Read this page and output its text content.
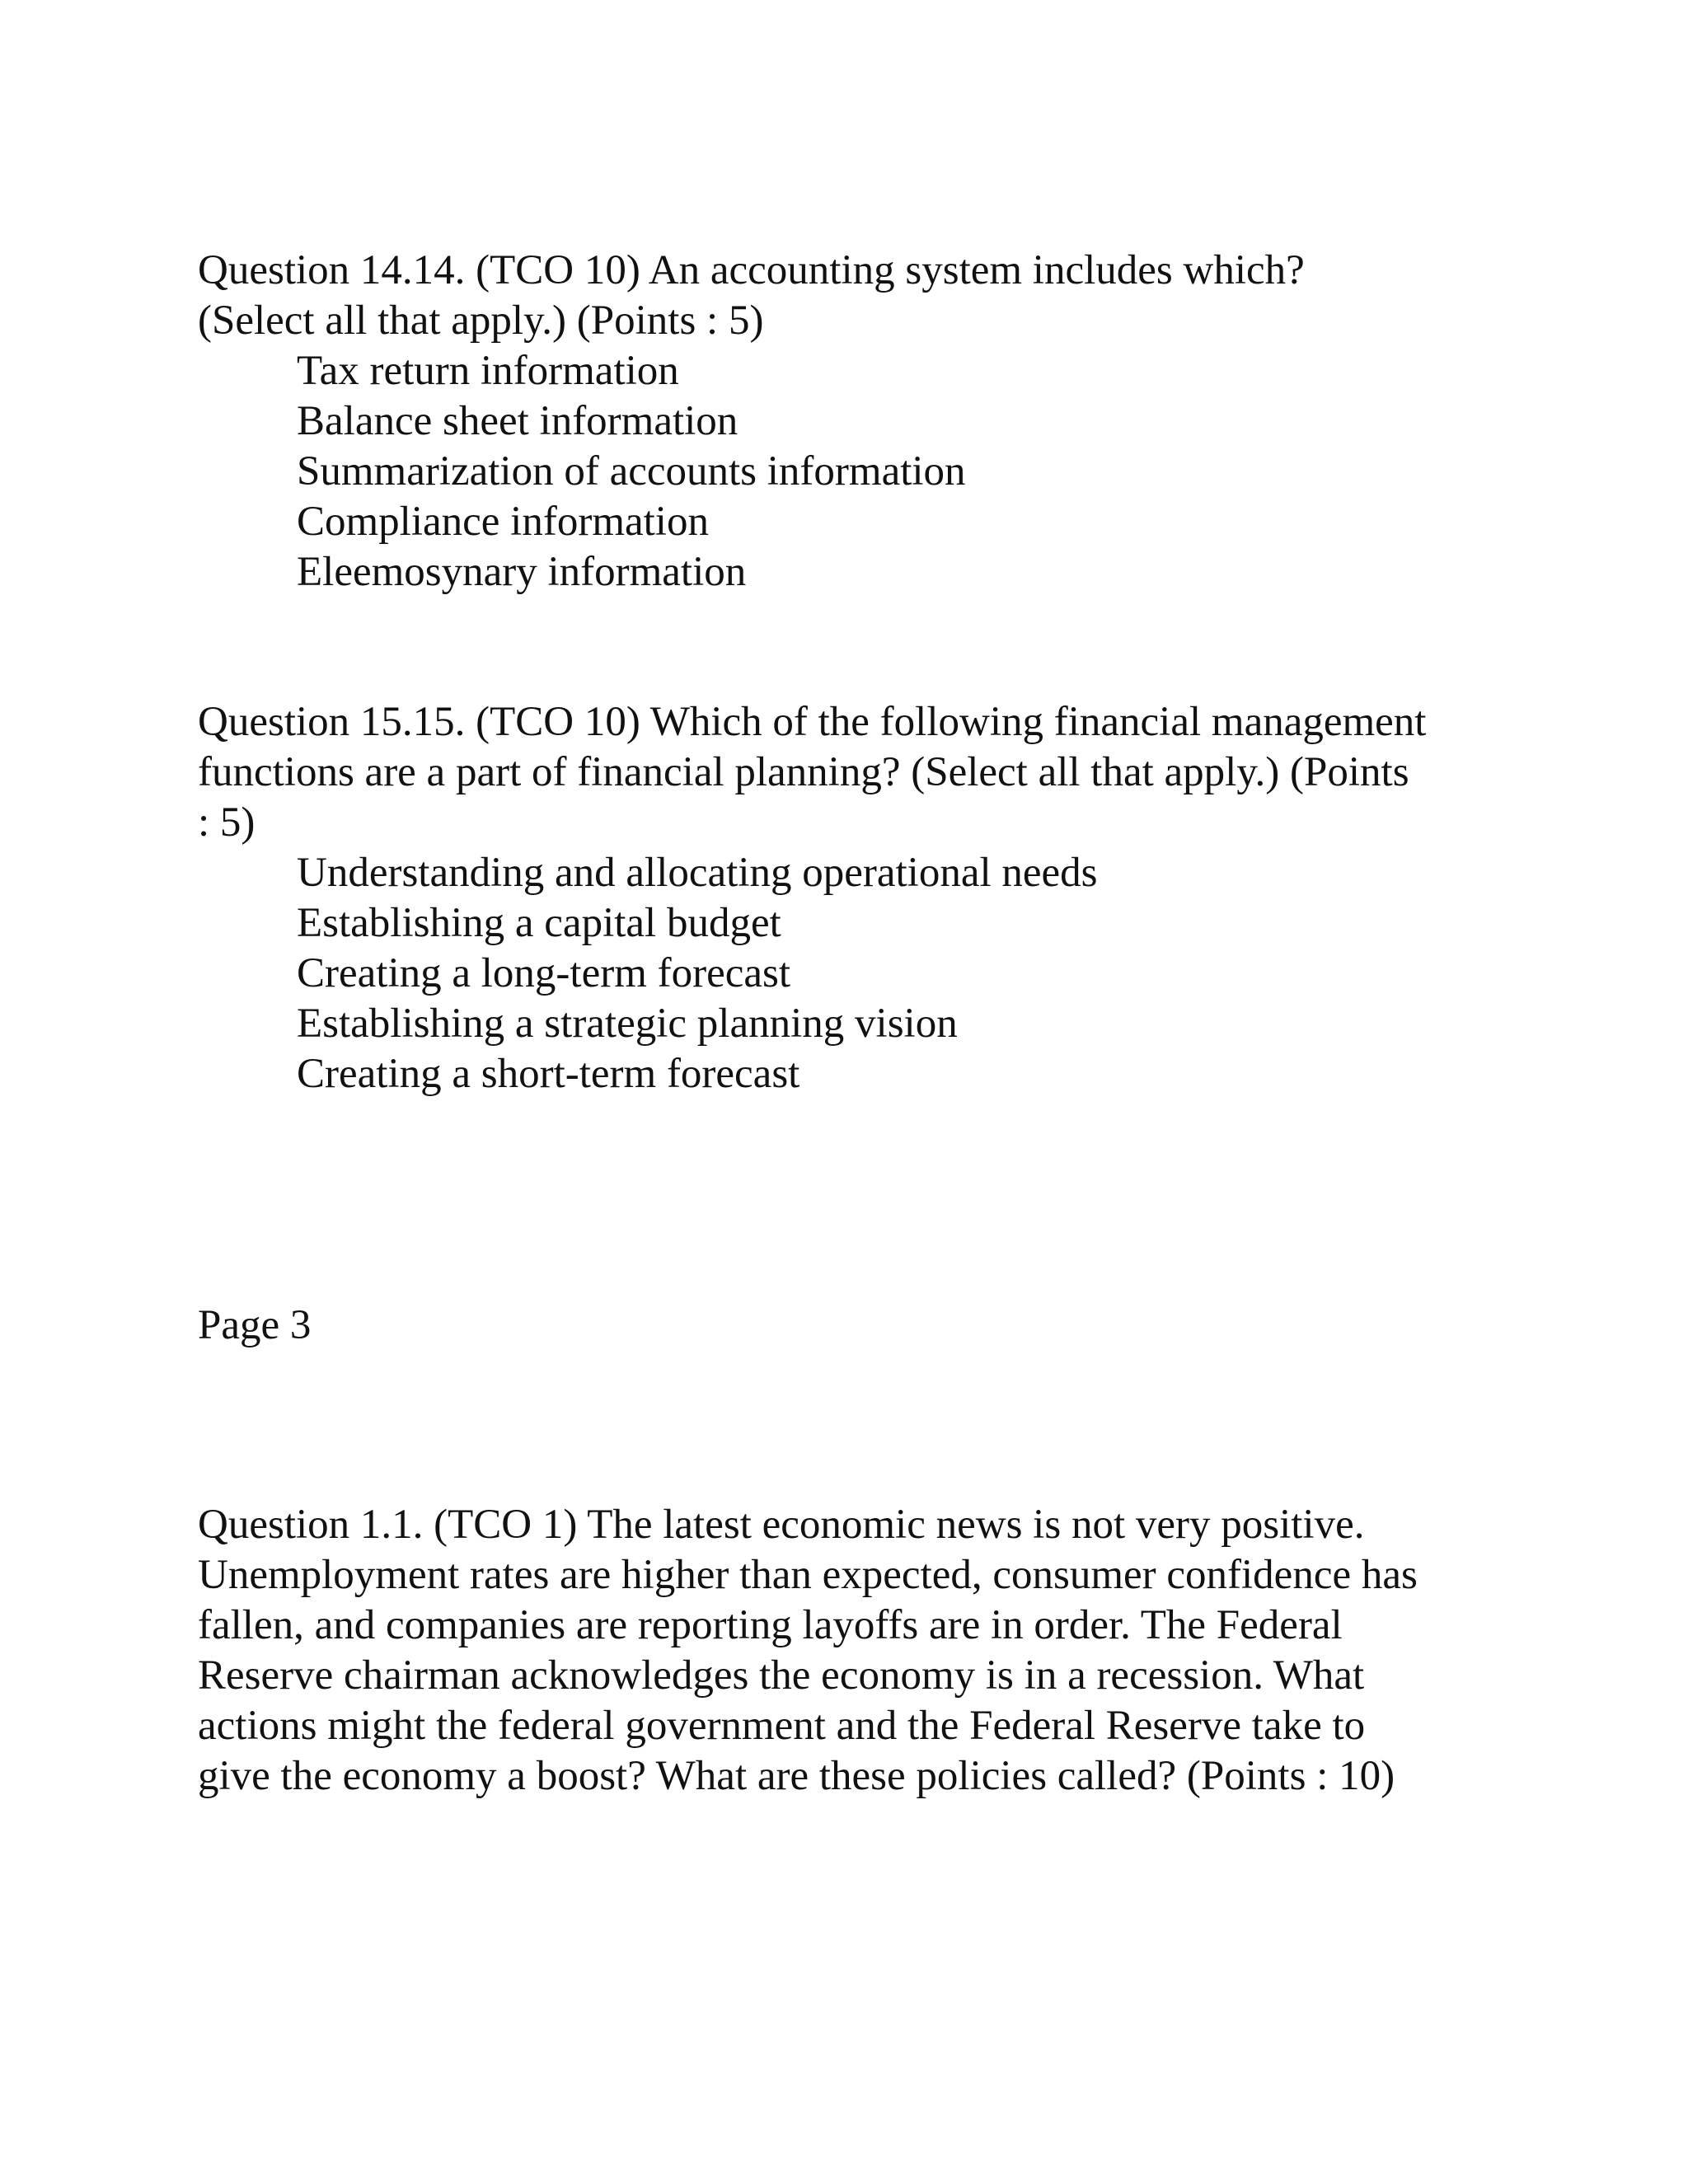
Question 14.14. (TCO 10) An accounting system includes which?
(Select all that apply.) (Points : 5)
Tax return information
Balance sheet information
Summarization of accounts information
Compliance information
Eleemosynary information
Question 15.15. (TCO 10) Which of the following financial management
functions are a part of financial planning? (Select all that apply.) (Points
: 5)
Understanding and allocating operational needs
Establishing a capital budget
Creating a long-term forecast
Establishing a strategic planning vision
Creating a short-term forecast
Page 3
Question 1.1. (TCO 1) The latest economic news is not very positive.
Unemployment rates are higher than expected, consumer confidence has
fallen, and companies are reporting layoffs are in order. The Federal
Reserve chairman acknowledges the economy is in a recession. What
actions might the federal government and the Federal Reserve take to
give the economy a boost? What are these policies called? (Points : 10)
